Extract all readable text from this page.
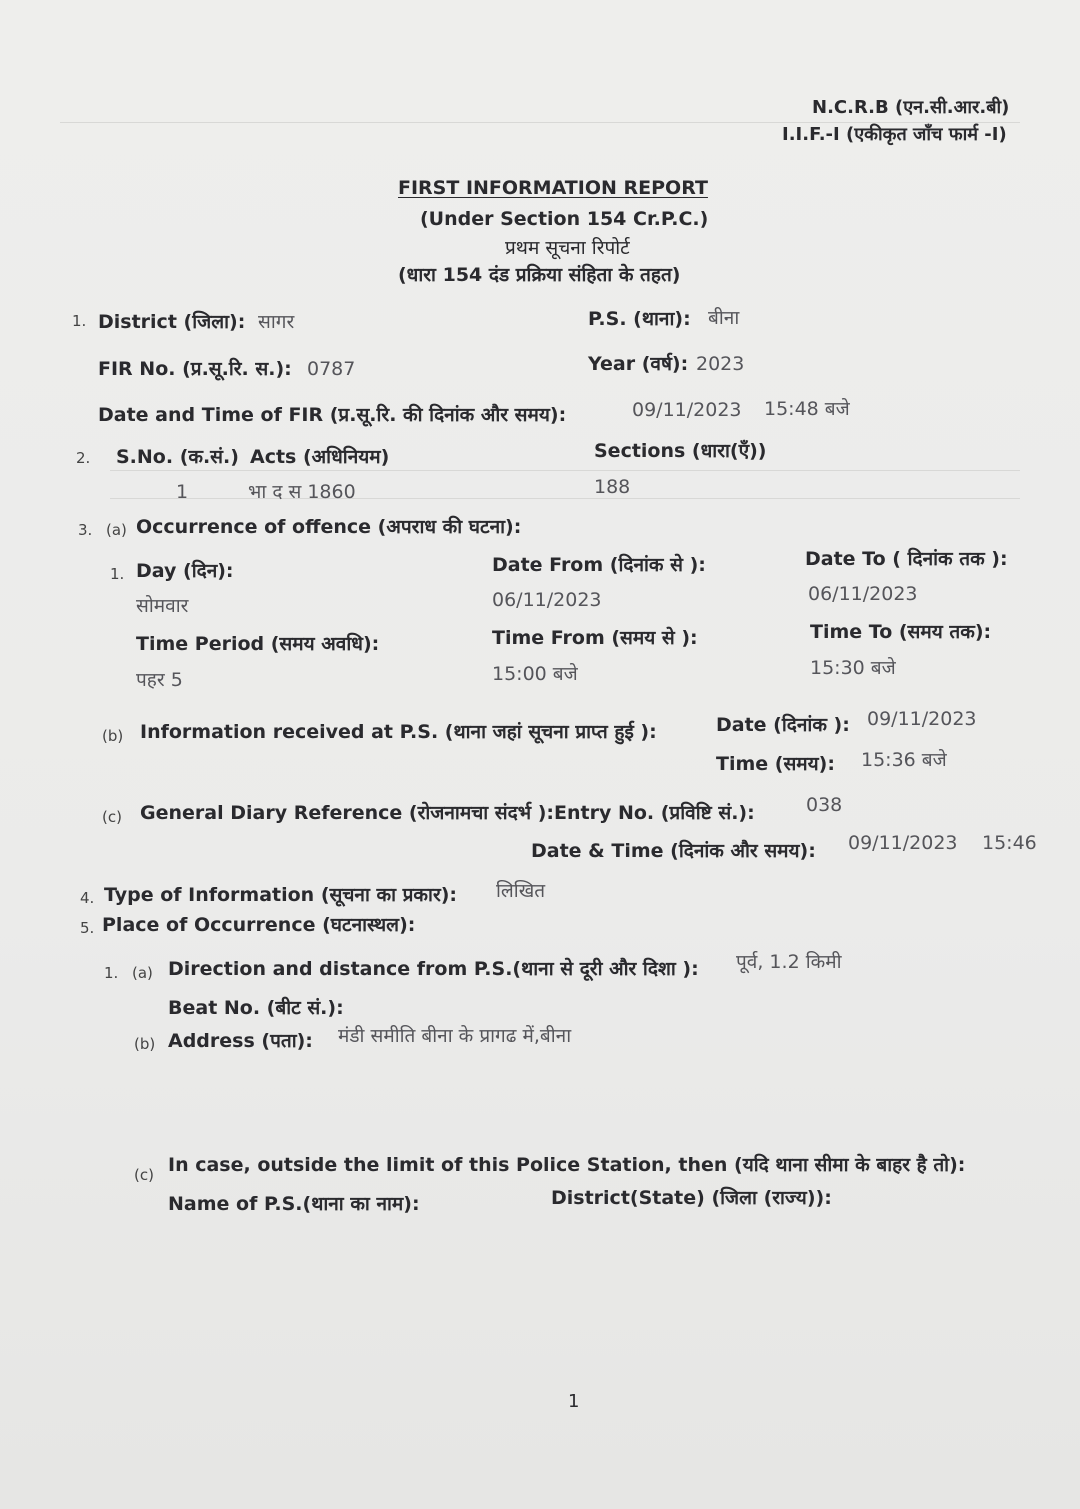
N.C.R.B (एन.सी.आर.बी)
I.I.F.-I (एकीकृत जाँच फार्म -I)
FIRST INFORMATION REPORT
(Under Section 154 Cr.P.C.)
प्रथम सूचना रिपोर्ट
(धारा 154 दंड प्रक्रिया संहिता के तहत)
1. District (जिला): सागर	P.S. (थाना): बीना
FIR No. (प्र.सू.रि. स.): 0787	Year (वर्ष): 2023
Date and Time of FIR (प्र.सू.रि. की दिनांक और समय):	09/11/2023 15:48 बजे
2. S.No. (क.सं.) Acts (अधिनियम)	Sections (धारा(एँ))
1	भा द स 1860	188
3. (a) Occurrence of offence (अपराध की घटना):
1. Day (दिन):
सोमवार
Date From (दिनांक से ):
06/11/2023
Date To ( दिनांक तक ):
06/11/2023
Time Period (समय अवधि):
पहर 5
Time From (समय से ):
15:00 बजे
Time To (समय तक):
15:30 बजे
(b) Information received at P.S. (थाना जहां सूचना प्राप्त हुई ):	Date (दिनांक ): 09/11/2023
Time (समय): 15:36 बजे
(c) General Diary Reference (रोजनामचा संदर्भ ):Entry No. (प्रविष्टि सं.):	038
Date & Time (दिनांक और समय): 09/11/2023 15:46
4. Type of Information (सूचना का प्रकार): लिखित
5. Place of Occurrence (घटनास्थल):
1. (a) Direction and distance from P.S.(थाना से दूरी और दिशा ): पूर्व, 1.2 किमी
Beat No. (बीट सं.):
(b) Address (पता): मंडी समीति बीना के प्रागढ में,बीना
(c) In case, outside the limit of this Police Station, then (यदि थाना सीमा के बाहर है तो):
Name of P.S.(थाना का नाम):	District(State) (जिला (राज्य)):
1
